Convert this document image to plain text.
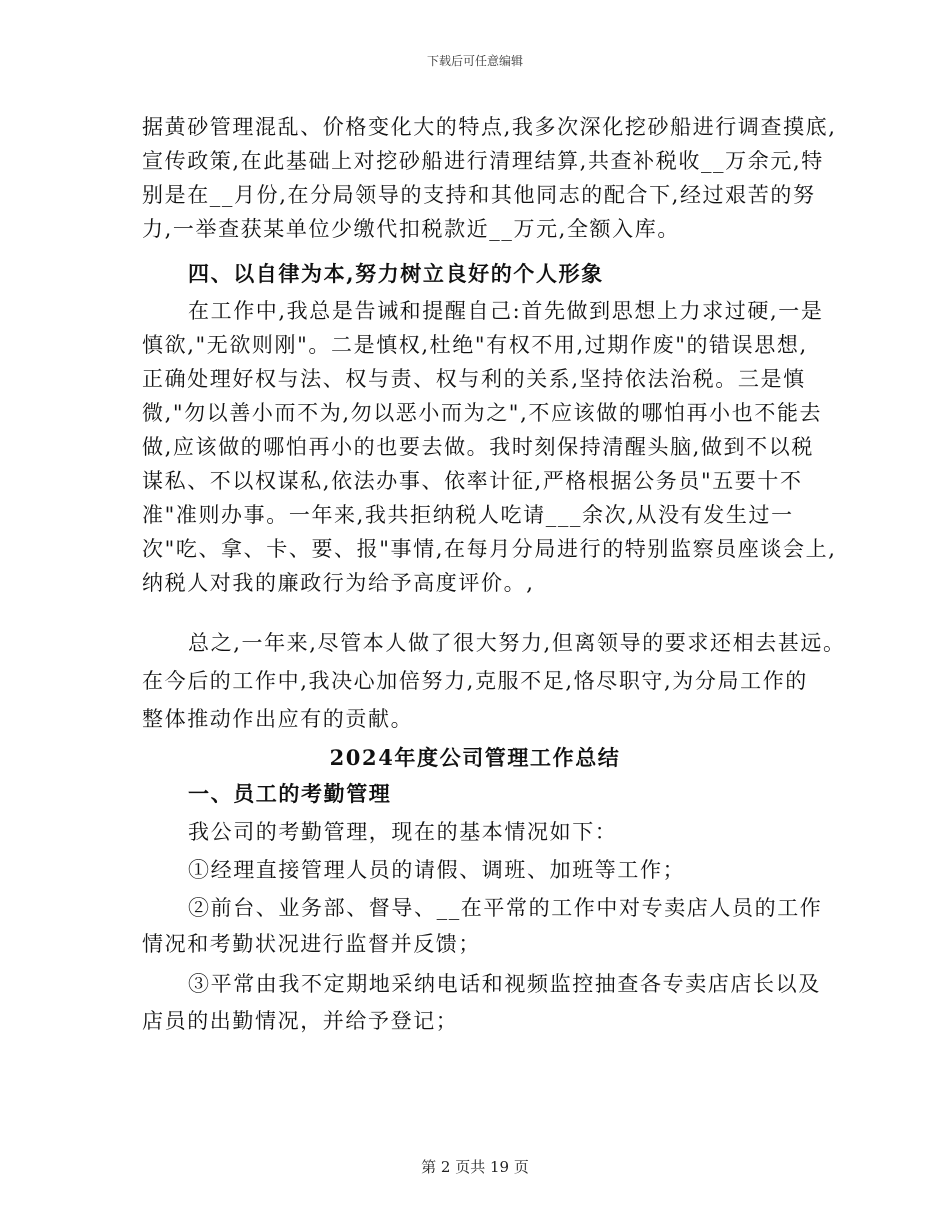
下载后可任意编辑
据黄砂管理混乱、价格变化大的特点,我多次深化挖砂船进行调查摸底,
宣传政策,在此基础上对挖砂船进行清理结算,共查补税收__万余元,特
别是在__月份,在分局领导的支持和其他同志的配合下,经过艰苦的努
力,一举查获某单位少缴代扣税款近__万元,全额入库。
四、以自律为本,努力树立良好的个人形象
在工作中,我总是告诫和提醒自己:首先做到思想上力求过硬,一是
慎欲,"无欲则刚"。二是慎权,杜绝"有权不用,过期作废"的错误思想,
正确处理好权与法、权与责、权与利的关系,坚持依法治税。三是慎
微,"勿以善小而不为,勿以恶小而为之",不应该做的哪怕再小也不能去
做,应该做的哪怕再小的也要去做。我时刻保持清醒头脑,做到不以税
谋私、不以权谋私,依法办事、依率计征,严格根据公务员"五要十不
准"准则办事。一年来,我共拒纳税人吃请___余次,从没有发生过一
次"吃、拿、卡、要、报"事情,在每月分局进行的特别监察员座谈会上,
纳税人对我的廉政行为给予高度评价。,
总之,一年来,尽管本人做了很大努力,但离领导的要求还相去甚远。
在今后的工作中,我决心加倍努力,克服不足,恪尽职守,为分局工作的
整体推动作出应有的贡献。
2024年度公司管理工作总结
一、员工的考勤管理
我公司的考勤管理，现在的基本情况如下：
①经理直接管理人员的请假、调班、加班等工作；
②前台、业务部、督导、__在平常的工作中对专卖店人员的工作
情况和考勤状况进行监督并反馈；
③平常由我不定期地采纳电话和视频监控抽查各专卖店店长以及
店员的出勤情况，并给予登记；
第 2 页共 19 页
